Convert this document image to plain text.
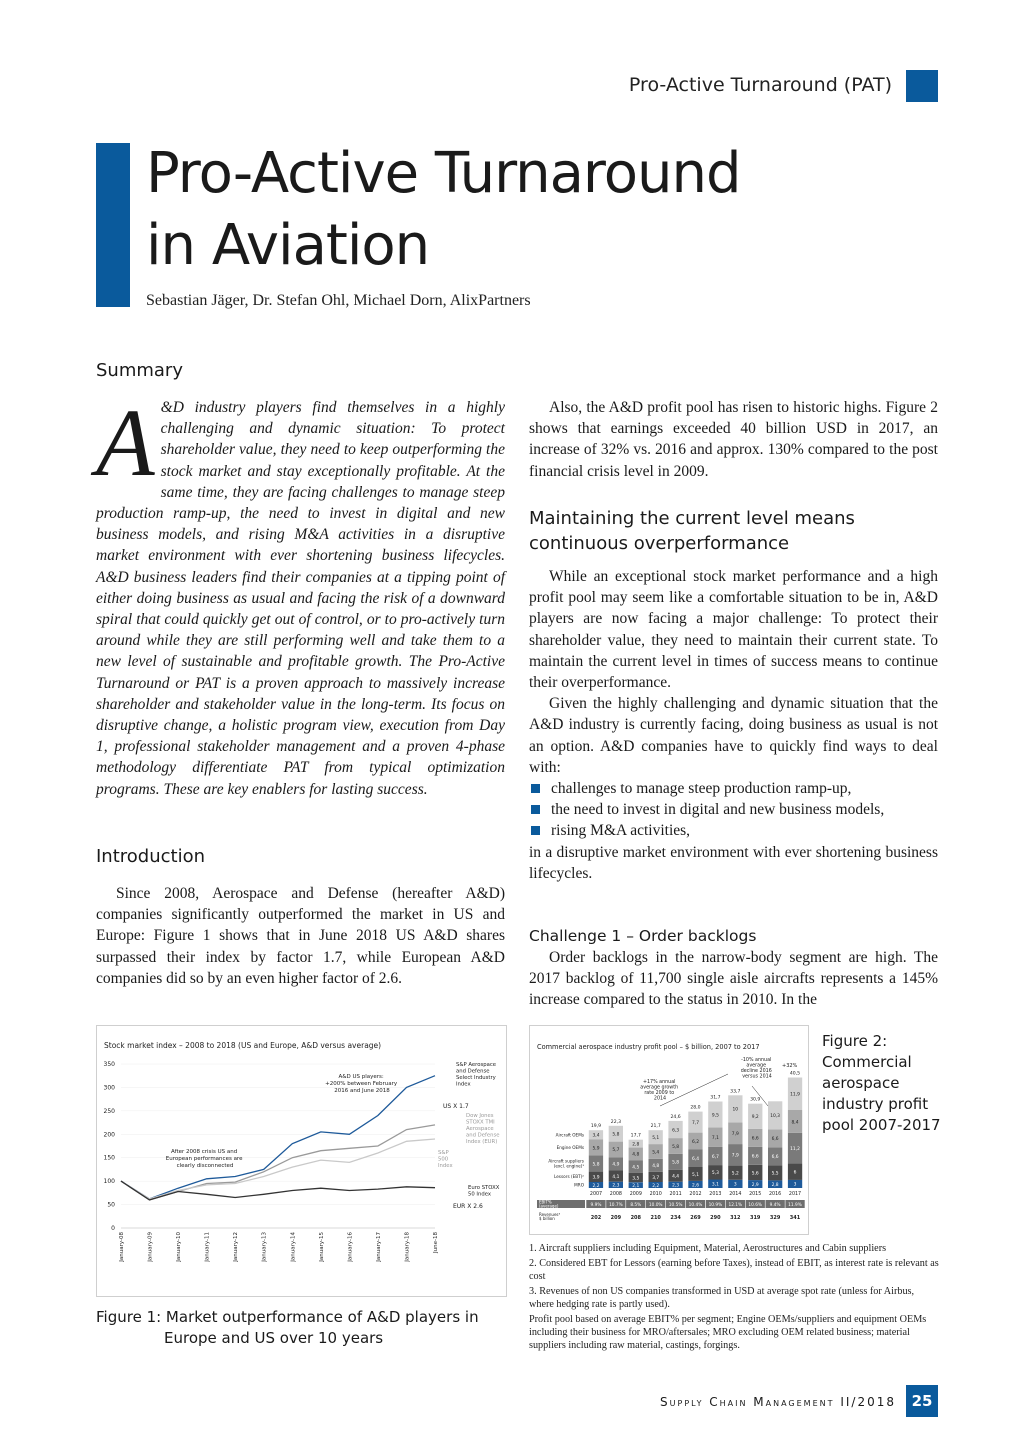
Pro-Active Turnaround (PAT)
Pro-Active Turnaround
in Aviation
Sebastian Jäger, Dr. Stefan Ohl, Michael Dorn, AlixPartners
Summary
A &D industry players find themselves in a highly challenging and dynamic situation: To protect shareholder value, they need to keep outperforming the stock market and stay exceptionally profitable. At the same time, they are facing challenges to manage steep production ramp-up, the need to invest in digital and new business models, and rising M&A activities in a disruptive market environment with ever shortening business lifecycles. A&D business leaders find their companies at a tipping point of either doing business as usual and facing the risk of a downward spiral that could quickly get out of control, or to pro-actively turn around while they are still performing well and take them to a new level of sustainable and profitable growth. The Pro-Active Turnaround or PAT is a proven approach to massively increase shareholder and stakeholder value in the long-term. Its focus on disruptive change, a holistic program view, execution from Day 1, professional stakeholder management and a proven 4-phase methodology differentiate PAT from typical optimization programs. These are key enablers for lasting success.
Introduction
Since 2008, Aerospace and Defense (hereafter A&D) companies significantly outperformed the market in US and Europe: Figure 1 shows that in June 2018 US A&D shares surpassed their index by factor 1.7, while European A&D companies did so by an even higher factor of 2.6.
Also, the A&D profit pool has risen to historic highs. Figure 2 shows that earnings exceeded 40 billion USD in 2017, an increase of 32% vs. 2016 and approx. 130% compared to the post financial crisis level in 2009.
Maintaining the current level means continuous overperformance
While an exceptional stock market performance and a high profit pool may seem like a comfortable situation to be in, A&D players are now facing a major challenge: To protect their shareholder value, they need to maintain their current state. To maintain the current level in times of success means to continue their overperformance.
Given the highly challenging and dynamic situation that the A&D industry is currently facing, doing business as usual is not an option. A&D companies have to quickly find ways to deal with:
challenges to manage steep production ramp-up,
the need to invest in digital and new business models,
rising M&A activities,
in a disruptive market environment with ever shortening business lifecycles.
Challenge 1 – Order backlogs
Order backlogs in the narrow-body segment are high. The 2017 backlog of 11,700 single aisle aircrafts represents a 145% increase compared to the status in 2010. In the
Stock market index – 2008 to 2018 (US and Europe, A&D versus average)
0
50
100
150
200
250
300
350
January-08	January-09	January-10	January-11	January-12	January-13	January-14	January-15	January-16	January-17	January-18	June-18
A&D US players: +200% between February 2016 and June 2018
After 2008 crisis US and European performances are clearly disconnected
US X 1.7
EUR X 2.6
S&P Aerospace and Defense Select Industry Index
Dow Jones STOXX TMI Aerospace and Defense Index (EUR)
S&P 500 Index
Euro STOXX 50 Index
Figure 1: Market outperformance of A&D players in
Europe and US over 10 years
Commercial aerospace industry profit pool – $ billion, 2007 to 2017
2,2
3,9
5,8
5,9
3,4
19,9
2007
2,3
4,1
4,9
5,7
5,8
22,3
2008
2,1
3,5
4,5
4,8
2,8
17,7
2009
2,2
3,7
4,8
5,4
5,1
21,7
2010
2,3
4,4
5,8
5,8
6,3
24,6
2011
2,6
5,1
6,4
6,2
7,7
28,0
2012
3,1
5,3
6,7
7,1
9,5
31,7
2013
3
5,2
7,9
7,9
10
33,7
2014
2,9
5,6
6,6
6,6
9,2
30,9
2015
2,8
5,5
6,6
6,6
10,3
2016
3
6
11,2
8,4
11,9
40,5
2017
MRO
Lessors (EBT)²
Aircraft suppliers (excl. engine)¹
Engine OEMs
Aircraft OEMs
9.9%
202
10.7%
209
8.5%
208
10.0%
210
10.5%
234
10.4%
269
10.9%
290
12.1%
312
10.6%
319
9.4%
329
11.9%
341
EBIT% (average)
Revenues³ $ billion
+17% annual average growth rate 2009 to 2014
-10% annual average decline 2016 versus 2014
+32%
Figure 2: Commercial aerospace industry profit pool 2007-2017
1. Aircraft suppliers including Equipment, Material, Aerostructures and Cabin suppliers
2. Considered EBT for Lessors (earning before Taxes), instead of EBIT, as interest rate is relevant as cost
3. Revenues of non US companies transformed in USD at average spot rate (unless for Airbus, where hedging rate is partly used).
Profit pool based on average EBIT% per segment; Engine OEMs/suppliers and equipment OEMs including their business for MRO/aftersales; MRO excluding OEM related business; material suppliers including raw material, castings, forgings.
Supply Chain Management II/2018	25
